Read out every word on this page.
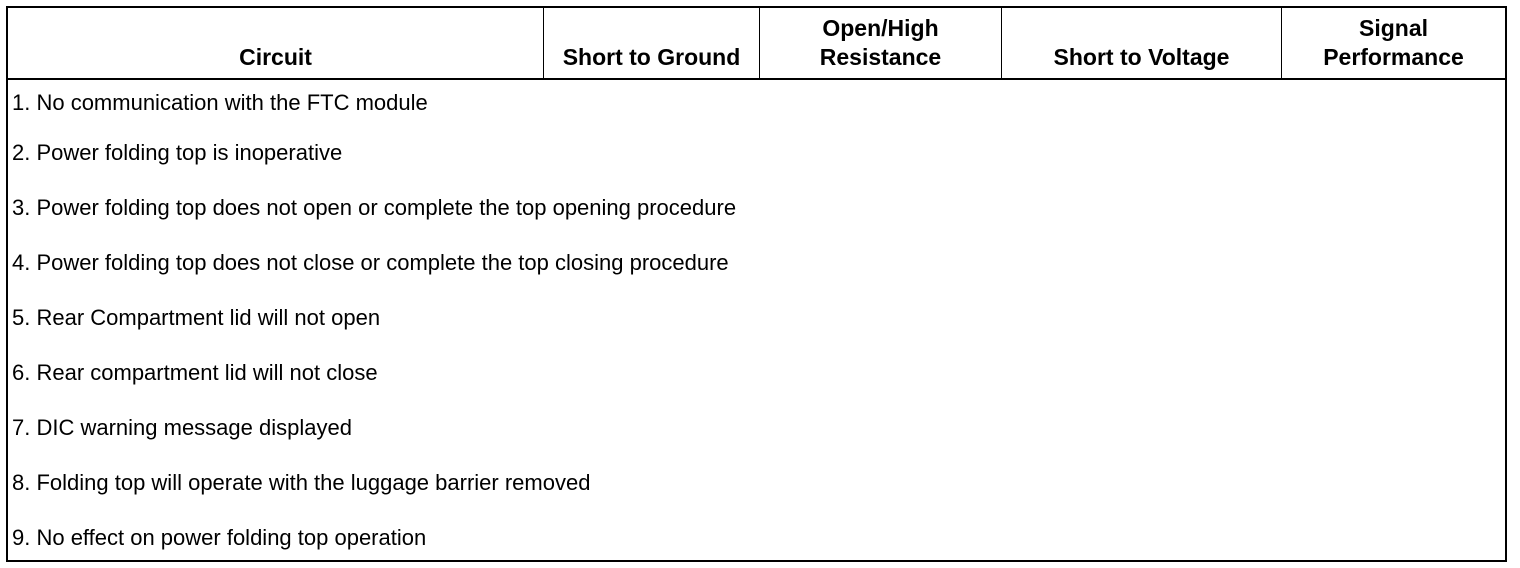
Circuit	Short to Ground
Open/High
Resistance	Short to Voltage
Signal
Performance
1. No communication with the FTC module
2. Power folding top is inoperative
3. Power folding top does not open or complete the top opening procedure
4. Power folding top does not close or complete the top closing procedure
5. Rear Compartment lid will not open
6. Rear compartment lid will not close
7. DIC warning message displayed
8. Folding top will operate with the luggage barrier removed
9. No effect on power folding top operation
